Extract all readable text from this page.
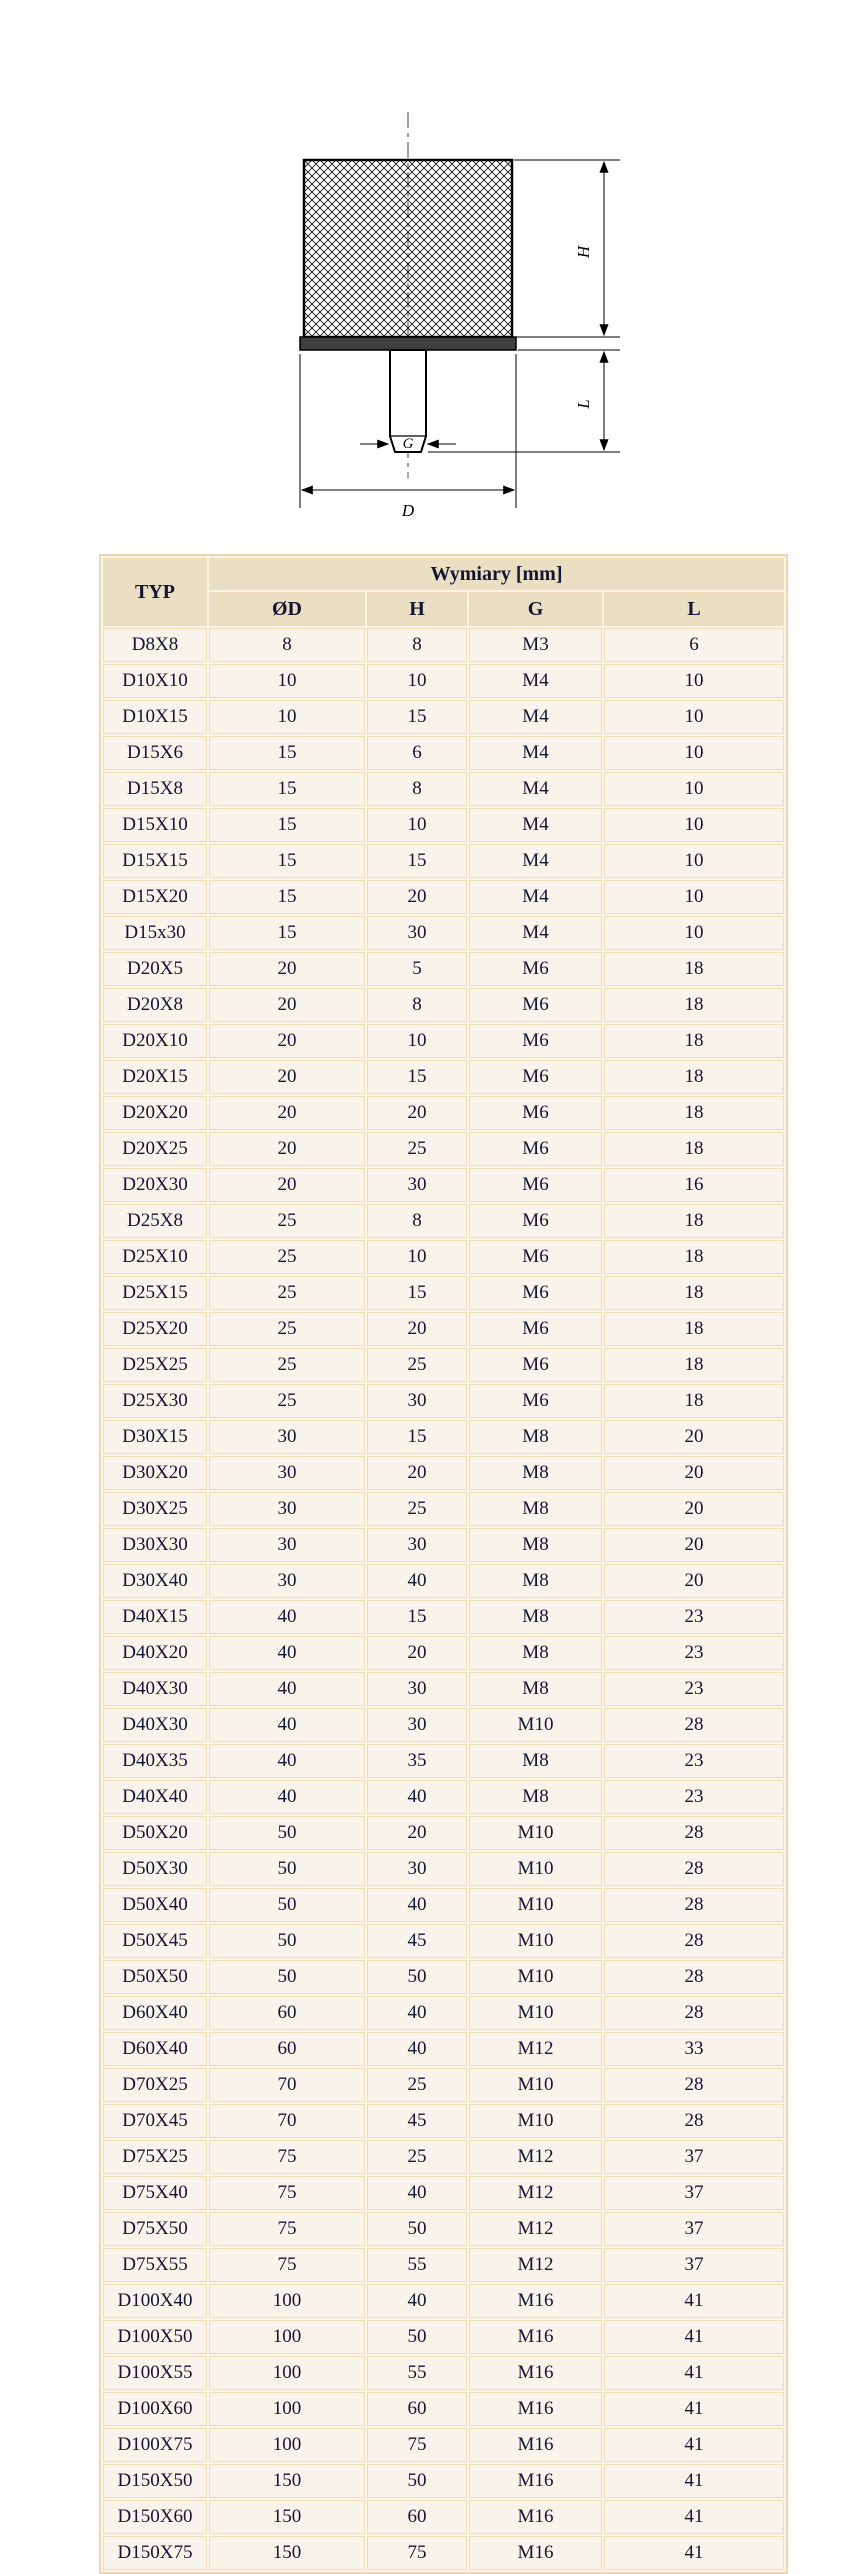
H
L
G
D
TYP	Wymiary [mm]			
	ØD	H	G	L
D8X8	8	8	M3	6
D10X10	10	10	M4	10
D10X15	10	15	M4	10
D15X6	15	6	M4	10
D15X8	15	8	M4	10
D15X10	15	10	M4	10
D15X15	15	15	M4	10
D15X20	15	20	M4	10
D15x30	15	30	M4	10
D20X5	20	5	M6	18
D20X8	20	8	M6	18
D20X10	20	10	M6	18
D20X15	20	15	M6	18
D20X20	20	20	M6	18
D20X25	20	25	M6	18
D20X30	20	30	M6	16
D25X8	25	8	M6	18
D25X10	25	10	M6	18
D25X15	25	15	M6	18
D25X20	25	20	M6	18
D25X25	25	25	M6	18
D25X30	25	30	M6	18
D30X15	30	15	M8	20
D30X20	30	20	M8	20
D30X25	30	25	M8	20
D30X30	30	30	M8	20
D30X40	30	40	M8	20
D40X15	40	15	M8	23
D40X20	40	20	M8	23
D40X30	40	30	M8	23
D40X30	40	30	M10	28
D40X35	40	35	M8	23
D40X40	40	40	M8	23
D50X20	50	20	M10	28
D50X30	50	30	M10	28
D50X40	50	40	M10	28
D50X45	50	45	M10	28
D50X50	50	50	M10	28
D60X40	60	40	M10	28
D60X40	60	40	M12	33
D70X25	70	25	M10	28
D70X45	70	45	M10	28
D75X25	75	25	M12	37
D75X40	75	40	M12	37
D75X50	75	50	M12	37
D75X55	75	55	M12	37
D100X40	100	40	M16	41
D100X50	100	50	M16	41
D100X55	100	55	M16	41
D100X60	100	60	M16	41
D100X75	100	75	M16	41
D150X50	150	50	M16	41
D150X60	150	60	M16	41
D150X75	150	75	M16	41
